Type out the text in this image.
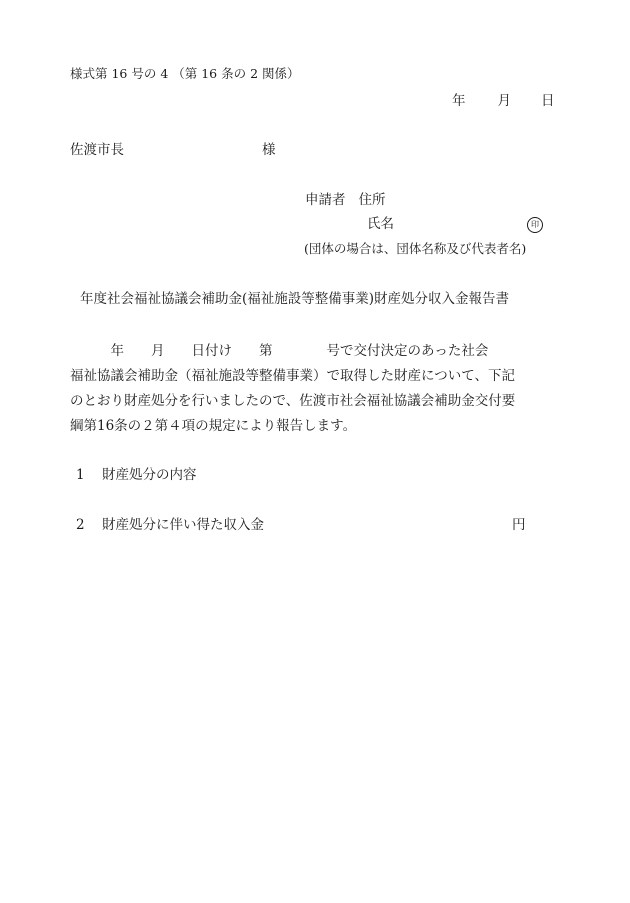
様式第 16 号の 4 （第 16 条の 2 関係）
年 月 日
佐渡市長	様
申請者 住所
氏名	印
(団体の場合は、団体名称及び代表者名)
年度社会福祉協議会補助金(福祉施設等整備事業)財産処分収入金報告書
　　　年　　月　　日付け　　第　　　　号で交付決定のあった社会
福祉協議会補助金（福祉施設等整備事業）で取得した財産について、下記
のとおり財産処分を行いましたので、佐渡市社会福祉協議会補助金交付要
綱第16条の２第４項の規定により報告します。
1 財産処分の内容
2 財産処分に伴い得た収入金	円
